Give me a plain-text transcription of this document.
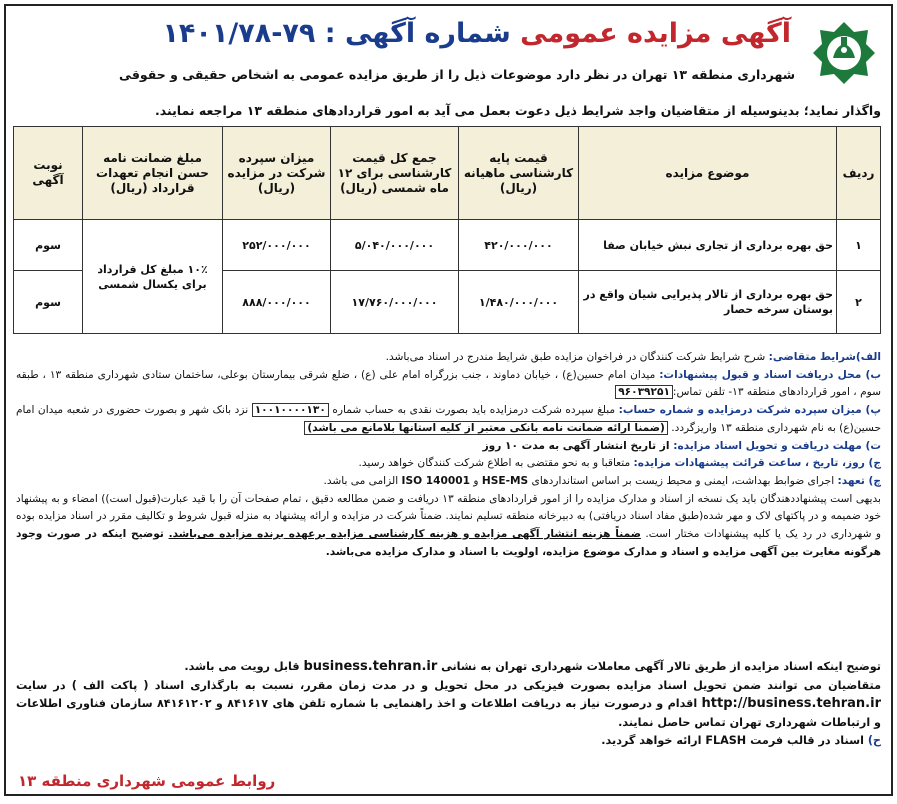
آگهی مزایده عمومی شماره آگهی : ۷۹-۱۴۰۱/۷۸
شهرداری منطقه ۱۳ تهران در نظر دارد موضوعات ذیل را از طریق مزایده عمومی به اشخاص حقیقی و حقوقی
واگذار نماید؛ بدینوسیله از متقاضیان واجد شرایط ذیل دعوت بعمل می آید به امور قراردادهای منطقه ۱۳ مراجعه نمایند.
ردیف	موضوع مزایده	قیمت پایه کارشناسی ماهیانه (ریال)	جمع کل قیمت کارشناسی برای ۱۲ ماه شمسی (ریال)	میزان سپرده شرکت در مزایده (ریال)	مبلغ ضمانت نامه حسن انجام تعهدات قرارداد (ریال)	نوبت آگهی
۱	حق بهره برداری از تجاری نبش خیابان صفا	۴۲۰/۰۰۰/۰۰۰	۵/۰۴۰/۰۰۰/۰۰۰	۲۵۲/۰۰۰/۰۰۰	۱۰٪ مبلغ کل قرارداد برای یکسال شمسی	سوم
۲	حق بهره برداری از تالار پذیرایی شیان واقع در بوستان سرخه حصار	۱/۴۸۰/۰۰۰/۰۰۰	۱۷/۷۶۰/۰۰۰/۰۰۰	۸۸۸/۰۰۰/۰۰۰		سوم

الف)شرایط متقاضی: شرح شرایط شرکت کنندگان در فراخوان مزایده طبق شرایط مندرج در اسناد می‌باشد.

ب) محل دریافت اسناد و قبول پیشنهادات: میدان امام حسین(ع) ، خیابان دماوند ، جنب بزرگراه امام علی (ع) ، ضلع شرقی بیمارستان بوعلی، ساختمان ستادی شهرداری منطقه ۱۳ ، طبقه سوم ، امور قراردادهای منطقه ۱۳- تلفن تماس:۹۶۰۳۹۲۵۱

پ) میزان سپرده شرکت درمزایده و شماره حساب: مبلغ سپرده شرکت درمزایده باید بصورت نقدی به حساب شماره ۱۰۰۱۰۰۰۰۱۳۰ نزد بانک شهر و بصورت حضوری در شعبه میدان امام حسین(ع) به نام شهرداری منطقه ۱۳ واریزگردد. (ضمنا ارائه ضمانت نامه بانکی معتبر از کلیه استانها بلامانع می باشد)

ت) مهلت دریافت و تحویل اسناد مزایده: از تاریخ انتشار آگهی به مدت ۱۰ روز

ج) روز، تاریخ ، ساعت قرائت پیشنهادات مزایده: متعاقبا و به نحو مقتضی به اطلاع شرکت کنندگان خواهد رسید.

چ) تعهد: اجرای ضوابط بهداشت، ایمنی و محیط زیست بر اساس استانداردهای HSE-MS و ISO 140001 الزامی می باشد.

بدیهی است پیشنهاددهندگان باید یک نسخه از اسناد و مدارک مزایده را از امور قراردادهای منطقه ۱۳ دریافت و ضمن مطالعه دقیق ، تمام صفحات آن را با قید عبارت(قبول است)) امضاء و به پیشنهاد خود ضمیمه و در پاکتهای لاک و مهر شده(طبق مفاد اسناد دریافتی) به دبیرخانه منطقه تسلیم نمایند. ضمناً شرکت در مزایده و ارائه پیشنهاد به منزله قبول شروط و تکالیف مقرر در اسناد مزایده بوده و شهرداری در رد یک یا کلیه پیشنهادات مختار است. ضمناً هزینه انتشار آگهی مزایده و هزینه کارشناسی مزایده برعهده برنده مزایده می‌باشد. توضیح اینکه در صورت وجود هرگونه مغایرت بین آگهی مزایده و اسناد و مدارک موضوع مزایده، اولویت با اسناد و مدارک مزایده می‌باشد.

توضیح اینکه اسناد مزایده از طریق تالار آگهی معاملات شهرداری تهران به نشانی business.tehran.ir قابل رویت می باشد.

متقاضیان می توانند ضمن تحویل اسناد مزایده بصورت فیزیکی در محل تحویل و در مدت زمان مقرر، نسبت به بارگذاری اسناد ( پاکت الف ) در سایت http://business.tehran.ir اقدام و درصورت نیاز به دریافت اطلاعات و اخذ راهنمایی با شماره تلفن های ۸۴۱۶۱۷ و ۸۴۱۶۱۲۰۲ سازمان فناوری اطلاعات و ارتباطات شهرداری تهران تماس حاصل نمایند.

ح) اسناد در قالب فرمت FLASH ارائه خواهد گردید.

روابط عمومی شهرداری منطقه ۱۳
